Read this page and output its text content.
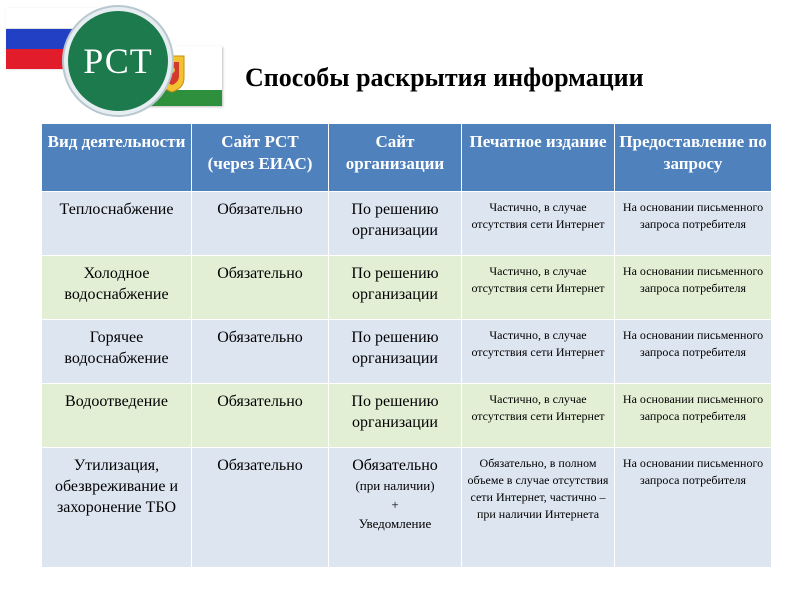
РСТ	Способы раскрытия информации
Вид деятельности	Сайт РСТ (через ЕИАС)	Сайт организации	Печатное издание	Предоставление по запросу
Теплоснабжение	Обязательно	По решению организации	Частично, в случае отсутствия сети Интернет	На основании письменного запроса потребителя
Холодное водоснабжение	Обязательно	По решению организации	Частично, в случае отсутствия сети Интернет	На основании письменного запроса потребителя
Горячее водоснабжение	Обязательно	По решению организации	Частично, в случае отсутствия сети Интернет	На основании письменного запроса потребителя
Водоотведение	Обязательно	По решению организации	Частично, в случае отсутствия сети Интернет	На основании письменного запроса потребителя
Утилизация, обезвреживание и захоронение ТБО	Обязательно	Обязательно
(при наличии)
+
Уведомление	Обязательно, в полном объеме в случае отсутствия сети Интернет, частично – при наличии Интернета	На основании письменного запроса потребителя
